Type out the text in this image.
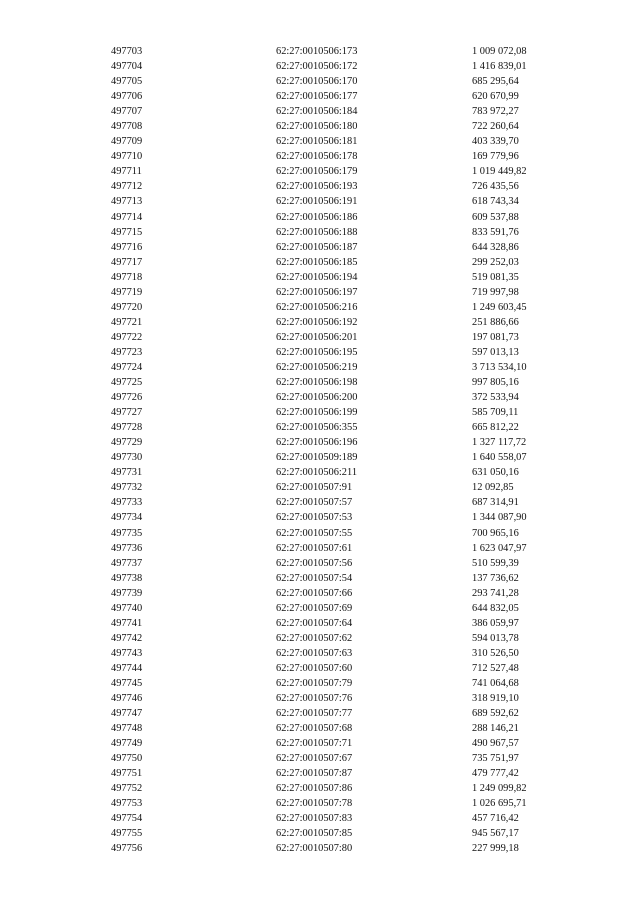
497703	62:27:0010506:173	1 009 072,08
497704	62:27:0010506:172	1 416 839,01
497705	62:27:0010506:170	685 295,64
497706	62:27:0010506:177	620 670,99
497707	62:27:0010506:184	783 972,27
497708	62:27:0010506:180	722 260,64
497709	62:27:0010506:181	403 339,70
497710	62:27:0010506:178	169 779,96
497711	62:27:0010506:179	1 019 449,82
497712	62:27:0010506:193	726 435,56
497713	62:27:0010506:191	618 743,34
497714	62:27:0010506:186	609 537,88
497715	62:27:0010506:188	833 591,76
497716	62:27:0010506:187	644 328,86
497717	62:27:0010506:185	299 252,03
497718	62:27:0010506:194	519 081,35
497719	62:27:0010506:197	719 997,98
497720	62:27:0010506:216	1 249 603,45
497721	62:27:0010506:192	251 886,66
497722	62:27:0010506:201	197 081,73
497723	62:27:0010506:195	597 013,13
497724	62:27:0010506:219	3 713 534,10
497725	62:27:0010506:198	997 805,16
497726	62:27:0010506:200	372 533,94
497727	62:27:0010506:199	585 709,11
497728	62:27:0010506:355	665 812,22
497729	62:27:0010506:196	1 327 117,72
497730	62:27:0010509:189	1 640 558,07
497731	62:27:0010506:211	631 050,16
497732	62:27:0010507:91	12 092,85
497733	62:27:0010507:57	687 314,91
497734	62:27:0010507:53	1 344 087,90
497735	62:27:0010507:55	700 965,16
497736	62:27:0010507:61	1 623 047,97
497737	62:27:0010507:56	510 599,39
497738	62:27:0010507:54	137 736,62
497739	62:27:0010507:66	293 741,28
497740	62:27:0010507:69	644 832,05
497741	62:27:0010507:64	386 059,97
497742	62:27:0010507:62	594 013,78
497743	62:27:0010507:63	310 526,50
497744	62:27:0010507:60	712 527,48
497745	62:27:0010507:79	741 064,68
497746	62:27:0010507:76	318 919,10
497747	62:27:0010507:77	689 592,62
497748	62:27:0010507:68	288 146,21
497749	62:27:0010507:71	490 967,57
497750	62:27:0010507:67	735 751,97
497751	62:27:0010507:87	479 777,42
497752	62:27:0010507:86	1 249 099,82
497753	62:27:0010507:78	1 026 695,71
497754	62:27:0010507:83	457 716,42
497755	62:27:0010507:85	945 567,17
497756	62:27:0010507:80	227 999,18
